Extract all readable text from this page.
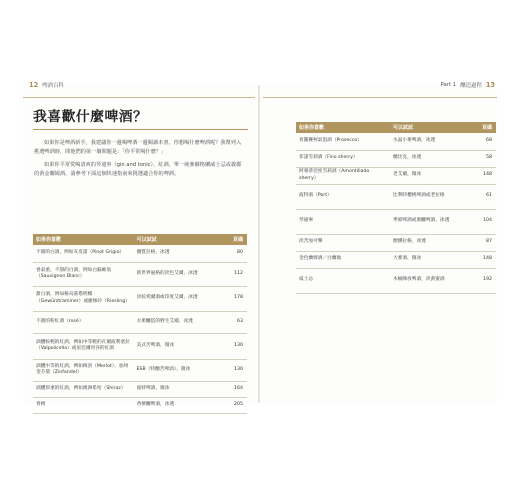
12 啤酒百科
我喜歡什麼啤酒？

如果你是啤酒新手，我建議你一邊喝啤酒一邊閱讀本書。你想喝什麼啤酒呢？我幫列入挑選啤酒時，問他們的第一個問題是：「你平常喝什麼？」

如果你平常愛喝清爽的琴通寧（gin and tonic），紅酒，單一純麥蘇格蘭威士忌或義都的黃金蘭姆酒，請參考下面這個快速指南來挑選適合你的啤酒。

如果你喜歡	可以試試	頁碼
不甜的白酒，例如灰皮諾（Pinot Grigio）	優質拉格，冰透	80
香氣重，不甜的白酒，例如白蘇維翁（Sauvignon Blanc）	新世界風格的淡色艾爾，冰透	112
甜白酒，例如格烏茲塔明娜（Gewürztraminer）或麗絲玲（Riesling）	淡棕愛爾酒或印度艾爾，冰透	178
不甜的粉紅酒（rosé）	水果釀造的野生艾爾，冰透	63
酒體較輕的紅酒，例如中等輕的瓦爾波利塞拉（Valpolicella）或星亞爾河谷的紅酒	美式苦啤酒，微冰	130
酒體中等的紅酒，例如梅洛（Merlot）、加州金芬黛（Zinfandel）	ESB（特醣苦啤酒），微冰	130
酒體厚重的紅酒，例如澳洲希哈（Shiraz）	波特啤酒，微冰	164
香檳	香檳釀啤酒，冰透	205
Part 1 釀造過程 13
如果你喜歡	可以試試	頁碼
普羅賽柯氣泡酒（Prosecco）	水晶小麥啤酒，冰透	68
菲諾雪莉酒（Fino sherry）	蘭比克，冰透	58
阿蒙蒂亞度雪莉酒（Amontillado sherry）	老艾爾，微冰	148
波特酒（Port）	比利時櫻桃啤酒或老拉格	61
琴通寧	季節啤酒或蜜釀啤酒，冰透	104
淡苦加可樂	煙燻拉格，冰透	87
金色蘭姆酒／白蘭地	大麥酒，微冰	148
威士忌	木桶陳放啤酒，淡黃蜜酒	192
